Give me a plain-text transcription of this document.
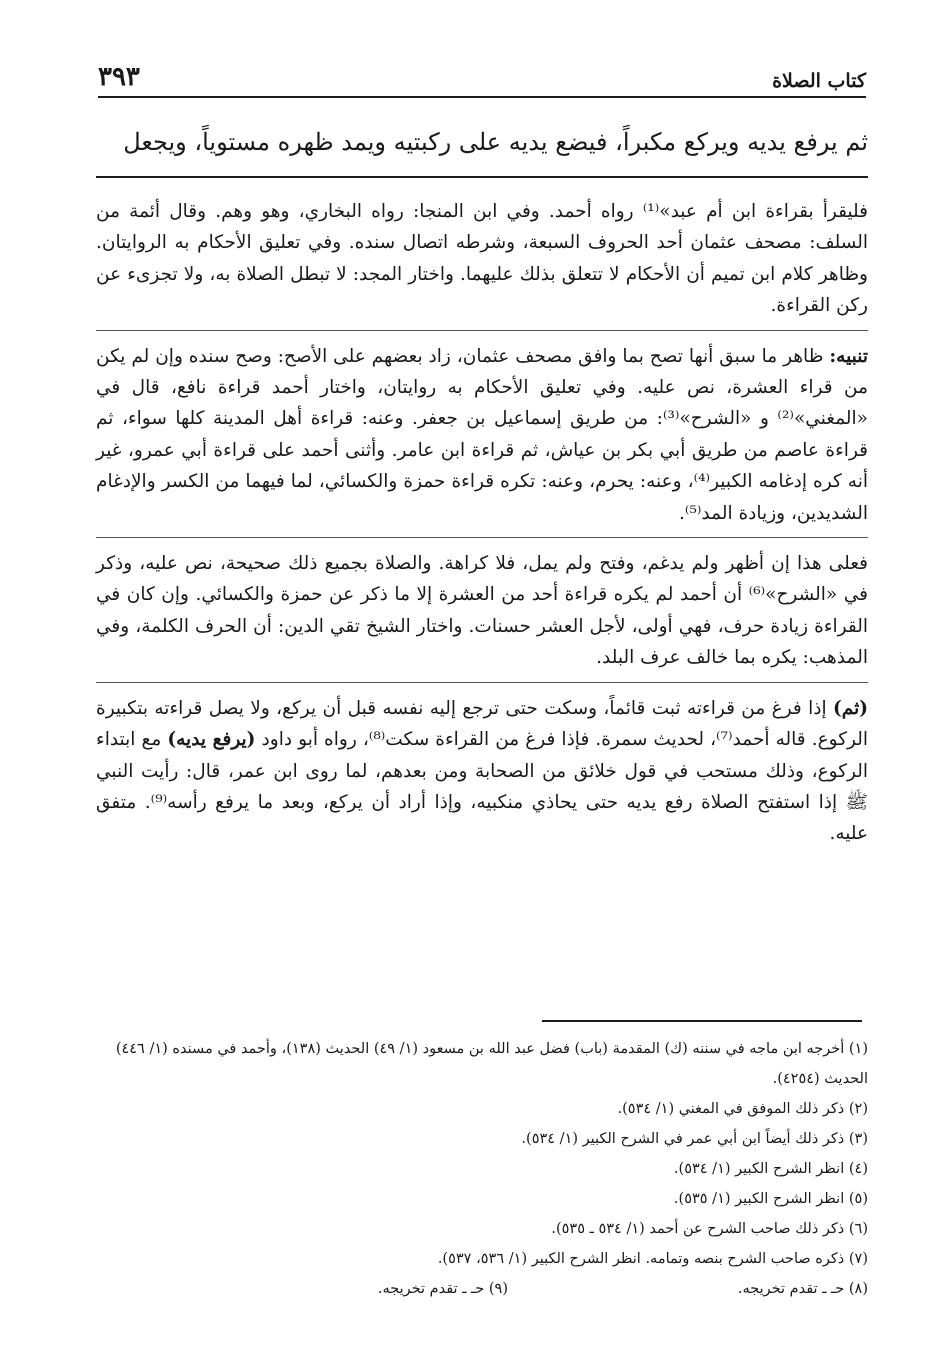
كتاب الصلاة
٣٩٣
ثم يرفع يديه ويركع مكبراً، فيضع يديه على ركبتيه ويمد ظهره مستوياً، ويجعل

فليقرأ بقراءة ابن أم عبد»⁽¹⁾ رواه أحمد. وفي ابن المنجا: رواه البخاري، وهو وهم. وقال أئمة من السلف: مصحف عثمان أحد الحروف السبعة، وشرطه اتصال سنده. وفي تعليق الأحكام به الروايتان. وظاهر كلام ابن تميم أن الأحكام لا تتعلق بذلك عليهما. واختار المجد: لا تبطل الصلاة به، ولا تجزىء عن ركن القراءة.

تنبيه: ظاهر ما سبق أنها تصح بما وافق مصحف عثمان، زاد بعضهم على الأصح: وصح سنده وإن لم يكن من قراء العشرة، نص عليه. وفي تعليق الأحكام به روايتان، واختار أحمد قراءة نافع، قال في «المغني»⁽²⁾ و «الشرح»⁽³⁾: من طريق إسماعيل بن جعفر. وعنه: قراءة أهل المدينة كلها سواء، ثم قراءة عاصم من طريق أبي بكر بن عياش، ثم قراءة ابن عامر. وأثنى أحمد على قراءة أبي عمرو، غير أنه كره إدغامه الكبير⁽⁴⁾، وعنه: يحرم، وعنه: تكره قراءة حمزة والكسائي، لما فيهما من الكسر والإدغام الشديدين، وزيادة المد⁽⁵⁾.

فعلى هذا إن أظهر ولم يدغم، وفتح ولم يمل، فلا كراهة. والصلاة بجميع ذلك صحيحة، نص عليه، وذكر في «الشرح»⁽⁶⁾ أن أحمد لم يكره قراءة أحد من العشرة إلا ما ذكر عن حمزة والكسائي. وإن كان في القراءة زيادة حرف، فهي أولى، لأجل العشر حسنات. واختار الشيخ تقي الدين: أن الحرف الكلمة، وفي المذهب: يكره بما خالف عرف البلد.

(ثم) إذا فرغ من قراءته ثبت قائماً، وسكت حتى ترجع إليه نفسه قبل أن يركع، ولا يصل قراءته بتكبيرة الركوع. قاله أحمد⁽⁷⁾، لحديث سمرة. فإذا فرغ من القراءة سكت⁽⁸⁾، رواه أبو داود (يرفع يديه) مع ابتداء الركوع، وذلك مستحب في قول خلائق من الصحابة ومن بعدهم، لما روى ابن عمر، قال: رأيت النبي ﷺ إذا استفتح الصلاة رفع يديه حتى يحاذي منكبيه، وإذا أراد أن يركع، وبعد ما يرفع رأسه⁽⁹⁾. متفق عليه.

(١) أخرجه ابن ماجه في سننه (ك) المقدمة (باب) فضل عبد الله بن مسعود (١/ ٤٩) الحديث (١٣٨)، وأحمد في مسنده (١/ ٤٤٦) الحديث (٤٢٥٤).

(٢) ذكر ذلك الموفق في المغني (١/ ٥٣٤).

(٣) ذكر ذلك أيضاً ابن أبي عمر في الشرح الكبير (١/ ٥٣٤).

(٤) انظر الشرح الكبير (١/ ٥٣٤).

(٥) انظر الشرح الكبير (١/ ٥٣٥).

(٦) ذكر ذلك صاحب الشرح عن أحمد (١/ ٥٣٤ ـ ٥٣٥).

(٧) ذكره صاحب الشرح بنصه وتمامه. انظر الشرح الكبير (١/ ٥٣٦، ٥٣٧).

(٨) حـ ـ تقدم تخريجه.

(٩) حـ ـ تقدم تخريجه.
